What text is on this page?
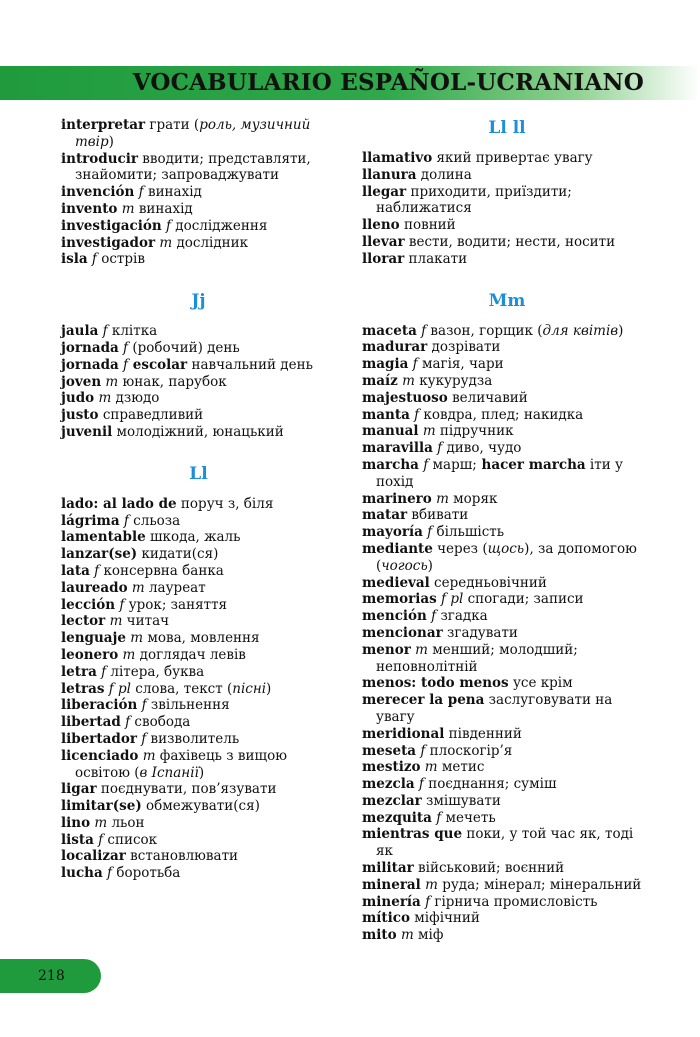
VOCABULARIO ESPAÑOL-UCRANIANO

interpretar грати (роль, музичний твір)

introducir вводити; представляти, знайомити; запроваджувати

invención f винахід

invento m винахід

investigación f дослідження

investigador m дослідник

isla f острів

Jj

jaula f клітка

jornada f (робочий) день

jornada f escolar навчальний день

joven m юнак, парубок

judo m дзюдо

justo справедливий

juvenil молодіжний, юнацький

Ll

lado: al lado de поруч з, біля

lágrima f сльоза

lamentable шкода, жаль

lanzar(se) кидати(ся)

lata f консервна банка

laureado m лауреат

lección f урок; заняття

lector m читач

lenguaje m мова, мовлення

leonero m доглядач левів

letra f літера, буква

letras f pl слова, текст (пісні)

liberación f звільнення

libertad f свобода

libertador f визволитель

licenciado m фахівець з вищою освітою (в Іспанії)

ligar поєднувати, пов’язувати

limitar(se) обмежувати(ся)

lino m льон

lista f список

localizar встановлювати

lucha f боротьба

Ll ll

llamativo який привертає увагу

llanura долина

llegar приходити, приїздити; наближатися

lleno повний

llevar вести, водити; нести, носити

llorar плакати

Mm

maceta f вазон, горщик (для квітів)

madurar дозрівати

magia f магія, чари

maíz m кукурудза

majestuoso величавий

manta f ковдра, плед; накидка

manual m підручник

maravilla f диво, чудо

marcha f марш; hacer marcha іти у похід

marinero m моряк

matar вбивати

mayoría f більшість

mediante через (щось), за допомогою (чогось)

medieval середньовічний

memorias f pl спогади; записи

mención f згадка

mencionar згадувати

menor m менший; молодший; неповнолітній

menos: todo menos усе крім

merecer la pena заслуговувати на увагу

meridional південний

meseta f плоскогір’я

mestizo m метис

mezcla f поєднання; суміш

mezclar змішувати

mezquita f мечеть

mientras que поки, у той час як, тоді як

militar військовий; воєнний

mineral m руда; мінерал; мінеральний

minería f гірнича промисловість

mítico міфічний

mito m міф

218
